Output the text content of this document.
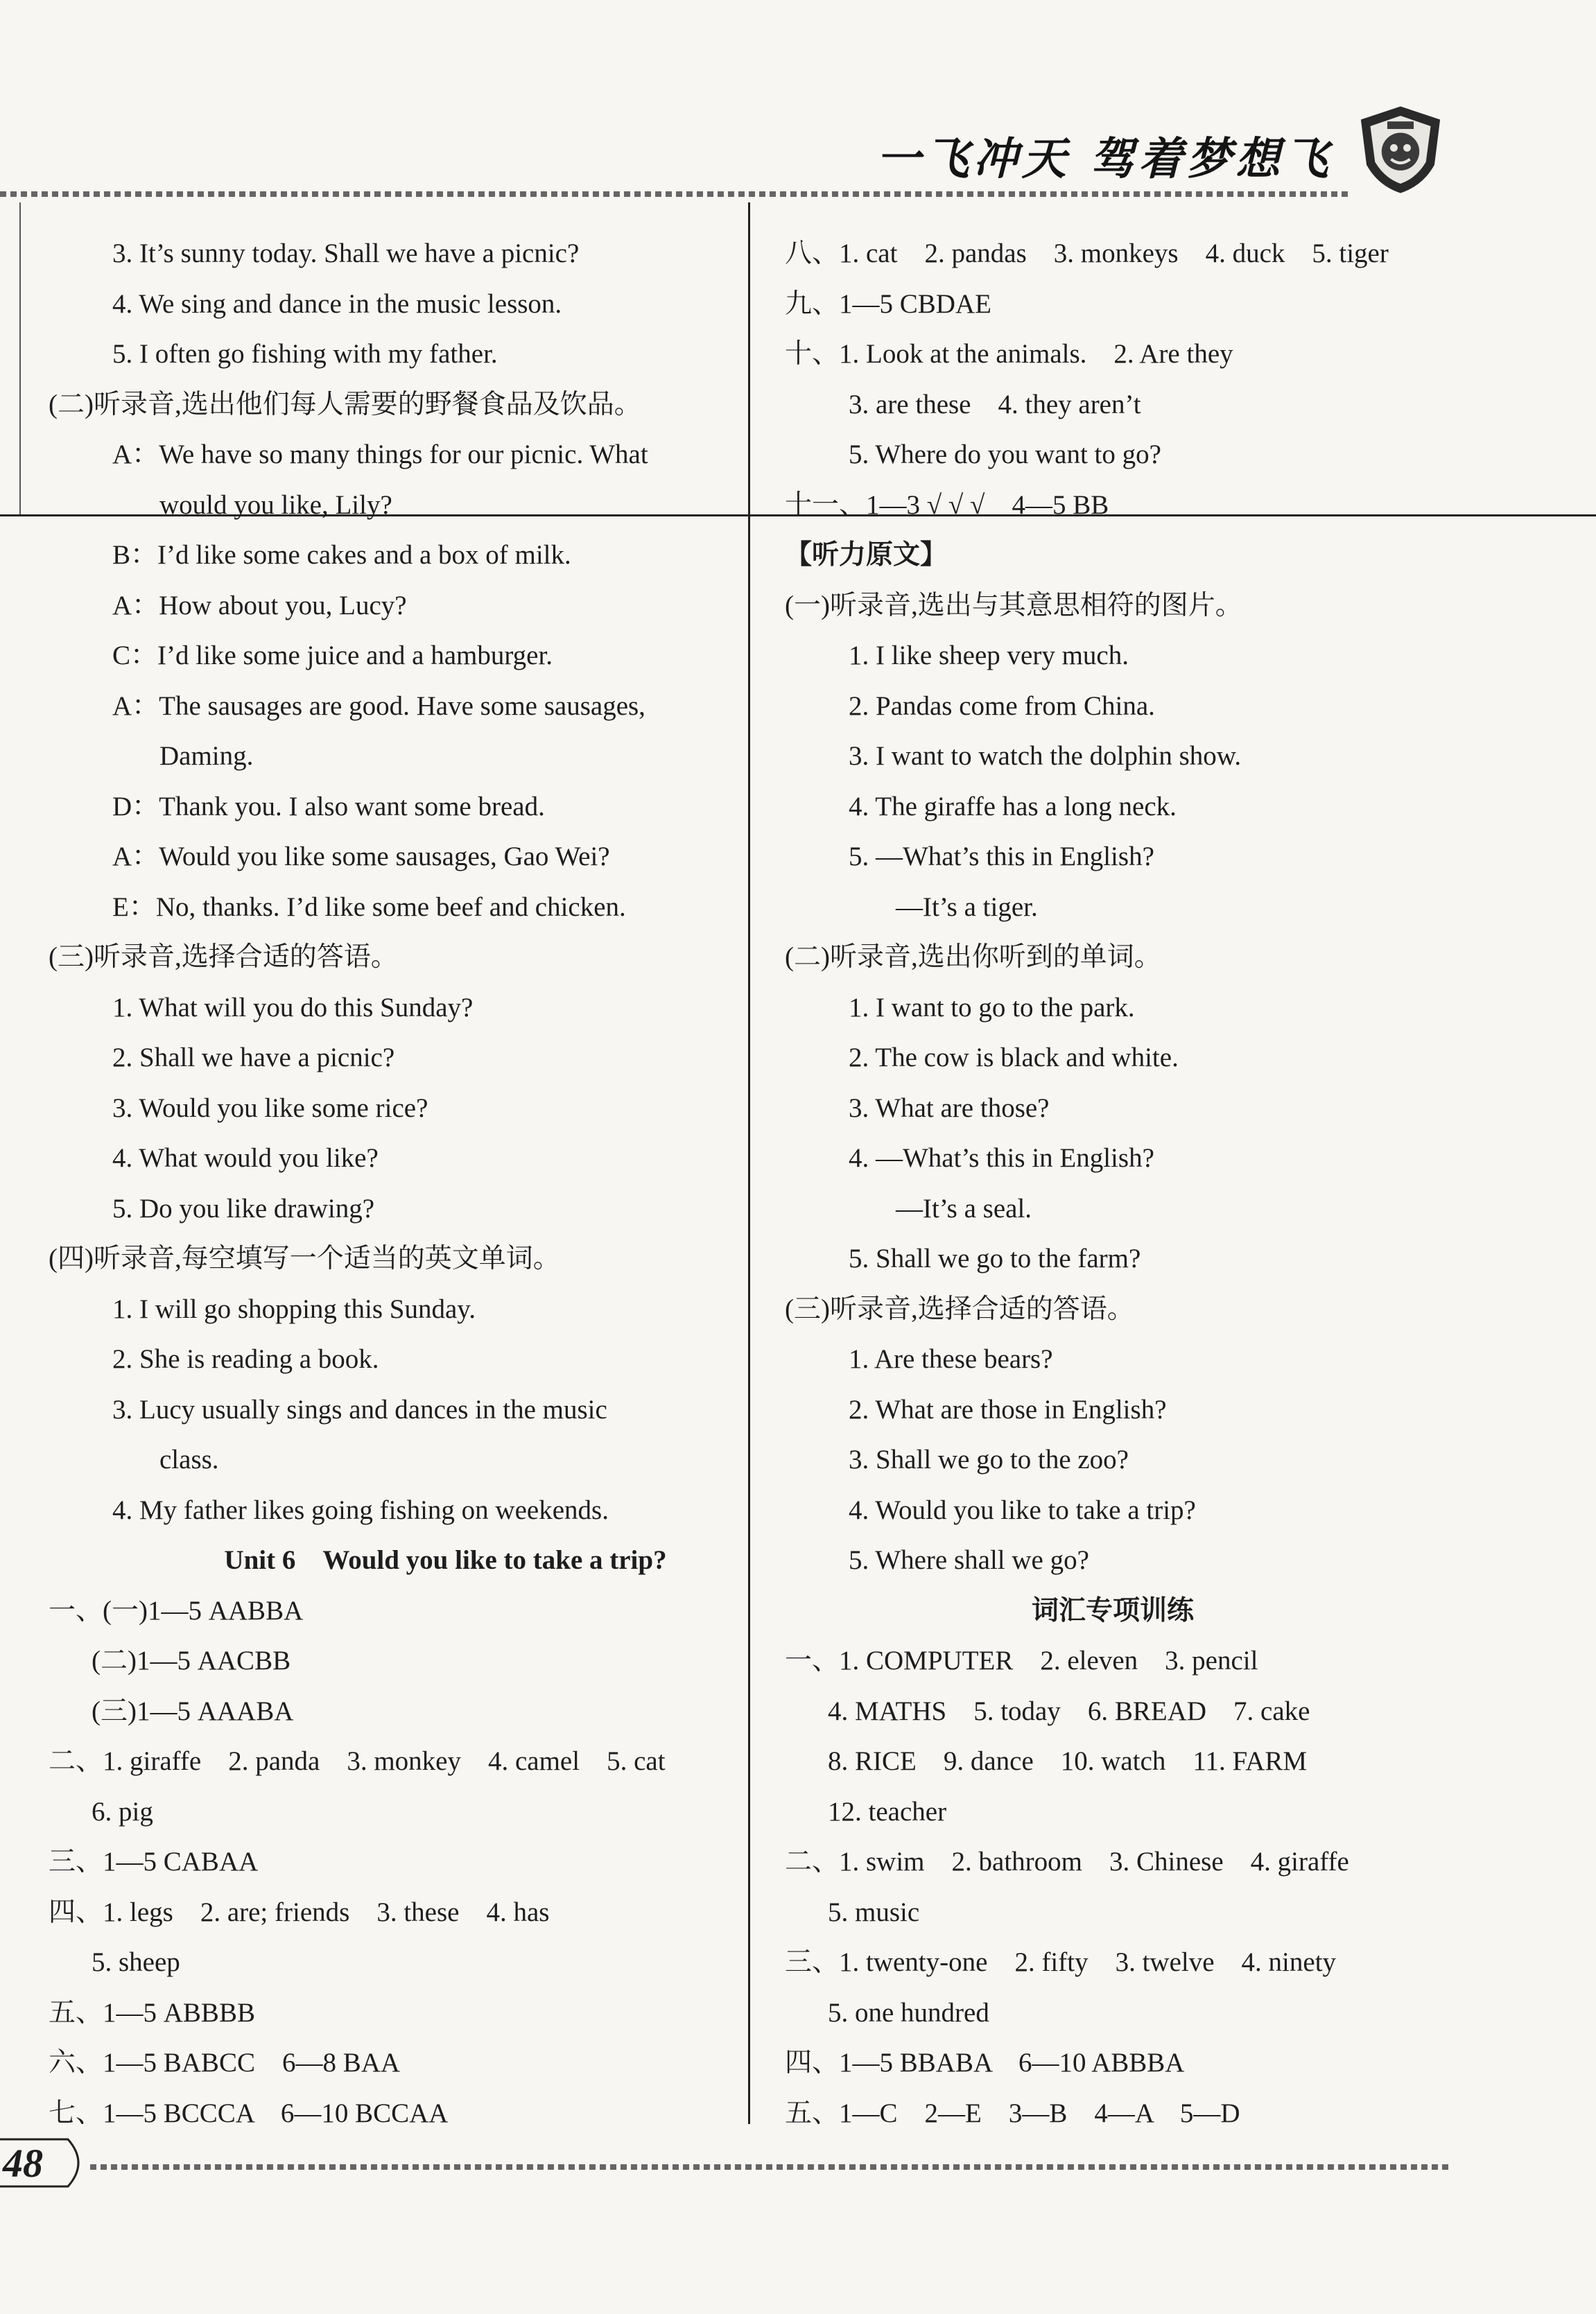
一飞冲天 驾着梦想飞
3. It’s sunny today. Shall we have a picnic?
4. We sing and dance in the music lesson.
5. I often go fishing with my father.
(二)听录音,选出他们每人需要的野餐食品及饮品。
A：We have so many things for our picnic. What
would you like, Lily?
B：I’d like some cakes and a box of milk.
A：How about you, Lucy?
C：I’d like some juice and a hamburger.
A：The sausages are good. Have some sausages,
Daming.
D：Thank you. I also want some bread.
A：Would you like some sausages, Gao Wei?
E：No, thanks. I’d like some beef and chicken.
(三)听录音,选择合适的答语。
1. What will you do this Sunday?
2. Shall we have a picnic?
3. Would you like some rice?
4. What would you like?
5. Do you like drawing?
(四)听录音,每空填写一个适当的英文单词。
1. I will go shopping this Sunday.
2. She is reading a book.
3. Lucy usually sings and dances in the music
class.
4. My father likes going fishing on weekends.
Unit 6　Would you like to take a trip?
一、(一)1—5 AABBA
(二)1—5 AACBB
(三)1—5 AAABA
二、1. giraffe　2. panda　3. monkey　4. camel　5. cat
6. pig
三、1—5 CABAA
四、1. legs　2. are; friends　3. these　4. has
5. sheep
五、1—5 ABBBB
六、1—5 BABCC　6—8 BAA
七、1—5 BCCCA　6—10 BCCAA
八、1. cat　2. pandas　3. monkeys　4. duck　5. tiger
九、1—5 CBDAE
十、1. Look at the animals.　2. Are they
3. are these　4. they aren’t
5. Where do you want to go?
十一、1—3 √ √ √　4—5 BB
【听力原文】
(一)听录音,选出与其意思相符的图片。
1. I like sheep very much.
2. Pandas come from China.
3. I want to watch the dolphin show.
4. The giraffe has a long neck.
5. —What’s this in English?
—It’s a tiger.
(二)听录音,选出你听到的单词。
1. I want to go to the park.
2. The cow is black and white.
3. What are those?
4. —What’s this in English?
—It’s a seal.
5. Shall we go to the farm?
(三)听录音,选择合适的答语。
1. Are these bears?
2. What are those in English?
3. Shall we go to the zoo?
4. Would you like to take a trip?
5. Where shall we go?
词汇专项训练
一、1. COMPUTER　2. eleven　3. pencil
4. MATHS　5. today　6. BREAD　7. cake
8. RICE　9. dance　10. watch　11. FARM
12. teacher
二、1. swim　2. bathroom　3. Chinese　4. giraffe
5. music
三、1. twenty-one　2. fifty　3. twelve　4. ninety
5. one hundred
四、1—5 BBABA　6—10 ABBBA
五、1—C　2—E　3—B　4—A　5—D
48
